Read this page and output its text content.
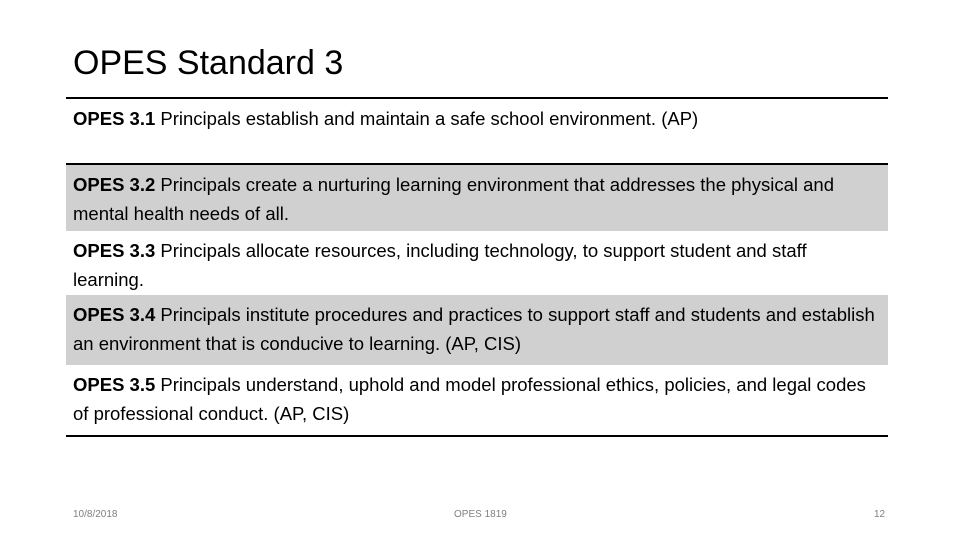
OPES Standard 3
OPES 3.1 Principals establish and maintain a safe school environment. (AP)
OPES 3.2 Principals create a nurturing learning environment that addresses the physical and mental health needs of all.
OPES 3.3 Principals allocate resources, including technology, to support student and staff learning.
OPES 3.4 Principals institute procedures and practices to support staff and students and establish an environment that is conducive to learning. (AP, CIS)
OPES 3.5 Principals understand, uphold and model professional ethics, policies, and legal codes of professional conduct. (AP, CIS)
10/8/2018	OPES 1819	12
